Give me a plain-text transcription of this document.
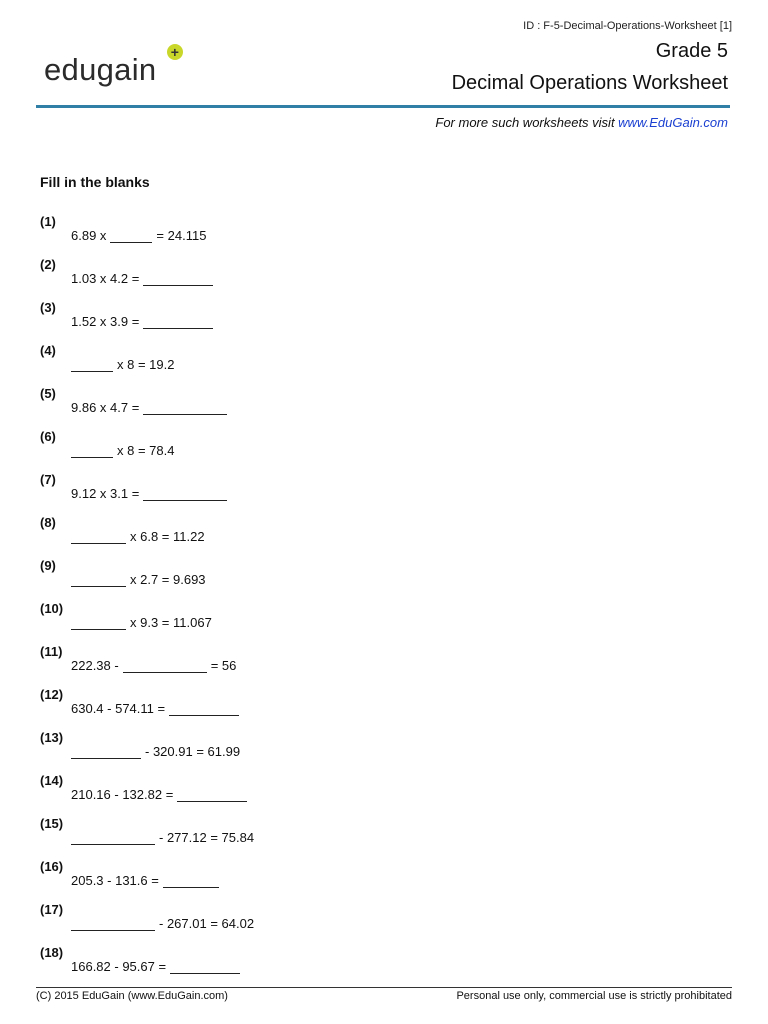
ID : F-5-Decimal-Operations-Worksheet [1]
edugain +	Grade 5
Decimal Operations Worksheet
For more such worksheets visit www.EduGain.com
Fill in the blanks
(1)
6.89 x	= 24.115
(2)
1.03 x 4.2 =
(3)
1.52 x 3.9 =
(4)
x 8 = 19.2
(5)
9.86 x 4.7 =
(6)
x 8 = 78.4
(7)
9.12 x 3.1 =
(8)
x 6.8 = 11.22
(9)
x 2.7 = 9.693
(10)
x 9.3 = 11.067
(11)
222.38 -	= 56
(12)
630.4 - 574.11 =
(13)
- 320.91 = 61.99
(14)
210.16 - 132.82 =
(15)
- 277.12 = 75.84
(16)
205.3 - 131.6 =
(17)
- 267.01 = 64.02
(18)
166.82 - 95.67 =
(C) 2015 EduGain (www.EduGain.com)	Personal use only, commercial use is strictly prohibitated
